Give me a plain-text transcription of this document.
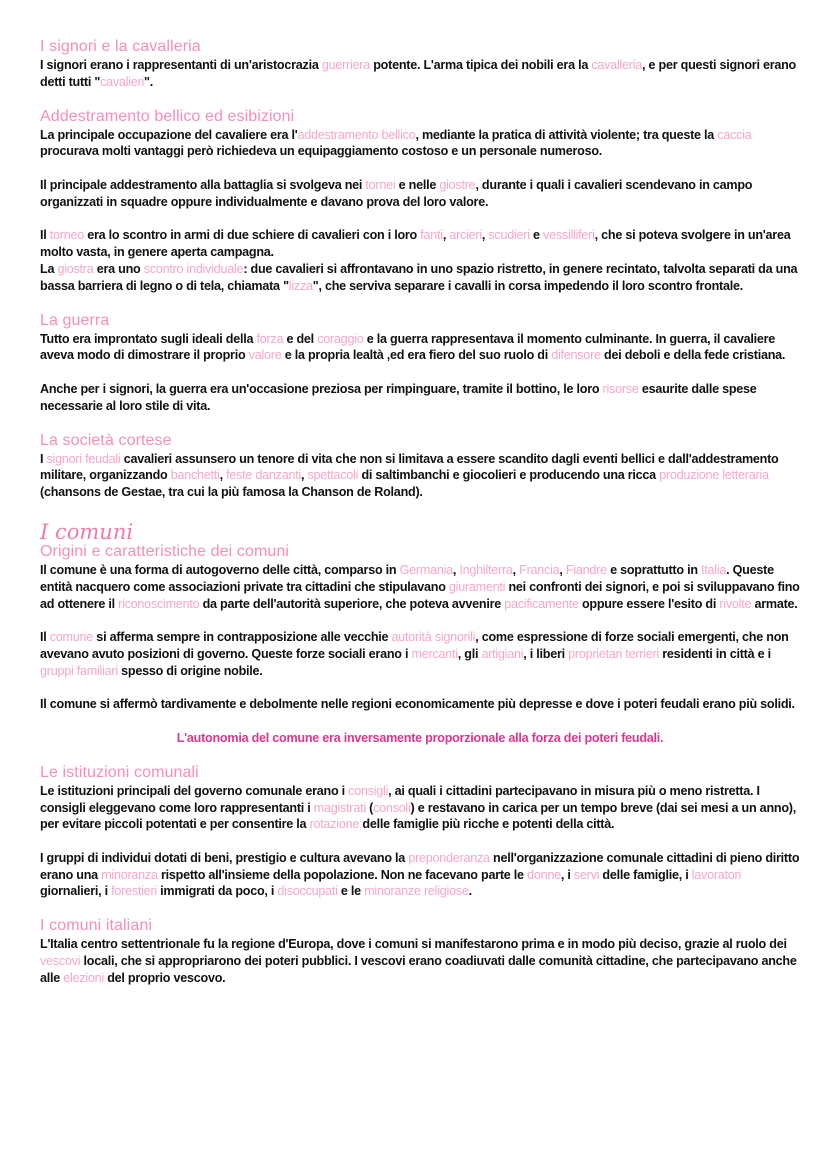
I signori e la cavalleria

I signori erano i rappresentanti di un'aristocrazia guerriera potente. L'arma tipica dei nobili era la cavalleria, e per questi signori erano detti tutti "cavalieri".

Addestramento bellico ed esibizioni

La principale occupazione del cavaliere era l'addestramento bellico, mediante la pratica di attività violente; tra queste la caccia procurava molti vantaggi però richiedeva un equipaggiamento costoso e un personale numeroso.

Il principale addestramento alla battaglia si svolgeva nei tornei e nelle giostre, durante i quali i cavalieri scendevano in campo organizzati in squadre oppure individualmente e davano prova del loro valore.

Il torneo era lo scontro in armi di due schiere di cavalieri con i loro fanti, arcieri, scudieri e vessilliferi, che si poteva svolgere in un'area molto vasta, in genere aperta campagna.
La giostra era uno scontro individuale: due cavalieri si affrontavano in uno spazio ristretto, in genere recintato, talvolta separati da una bassa barriera di legno o di tela, chiamata "lizza", che serviva separare i cavalli in corsa impedendo il loro scontro frontale.

La guerra

Tutto era improntato sugli ideali della forza e del coraggio e la guerra rappresentava il momento culminante. In guerra, il cavaliere aveva modo di dimostrare il proprio valore e la propria lealtà ,ed era fiero del suo ruolo di difensore dei deboli e della fede cristiana.

Anche per i signori, la guerra era un'occasione preziosa per rimpinguare, tramite il bottino, le loro risorse esaurite dalle spese necessarie al loro stile di vita.

La società cortese

I signori feudali cavalieri assunsero un tenore di vita che non si limitava a essere scandito dagli eventi bellici e dall'addestramento militare, organizzando banchetti, feste danzanti, spettacoli di saltimbanchi e giocolieri e producendo una ricca produzione letteraria (chansons de Gestae, tra cui la più famosa la Chanson de Roland).

I comuni
Origini e caratteristiche dei comuni

Il comune è una forma di autogoverno delle città, comparso in Germania, Inghilterra, Francia, Fiandre e soprattutto in Italia. Queste entità nacquero come associazioni private tra cittadini che stipulavano giuramenti nei confronti dei signori, e poi si sviluppavano fino ad ottenere il riconoscimento da parte dell'autorità superiore, che poteva avvenire pacificamente oppure essere l'esito di rivolte armate.

Il comune si afferma sempre in contrapposizione alle vecchie autorità signorili, come espressione di forze sociali emergenti, che non avevano avuto posizioni di governo. Queste forze sociali erano i mercanti, gli artigiani, i liberi proprietari terrieri residenti in città e i gruppi familiari spesso di origine nobile.

Il comune si affermò tardivamente e debolmente nelle regioni economicamente più depresse e dove i poteri feudali erano più solidi.

L'autonomia del comune era inversamente proporzionale alla forza dei poteri feudali.

Le istituzioni comunali

Le istituzioni principali del governo comunale erano i consigli, ai quali i cittadini partecipavano in misura più o meno ristretta. I consigli eleggevano come loro rappresentanti i magistrati (consoli) e restavano in carica per un tempo breve (dai sei mesi a un anno), per evitare piccoli potentati e per consentire la rotazione delle famiglie più ricche e potenti della città.

I gruppi di individui dotati di beni, prestigio e cultura avevano la preponderanza nell'organizzazione comunale cittadini di pieno diritto erano una minoranza rispetto all'insieme della popolazione. Non ne facevano parte le donne, i servi delle famiglie, i lavoratori giornalieri, i forestieri immigrati da poco, i disoccupati e le minoranze religiose.

I comuni italiani

L'Italia centro settentrionale fu la regione d'Europa, dove i comuni si manifestarono prima e in modo più deciso, grazie al ruolo dei vescovi locali, che si appropriarono dei poteri pubblici. I vescovi erano coadiuvati dalle comunità cittadine, che partecipavano anche alle elezioni del proprio vescovo.
